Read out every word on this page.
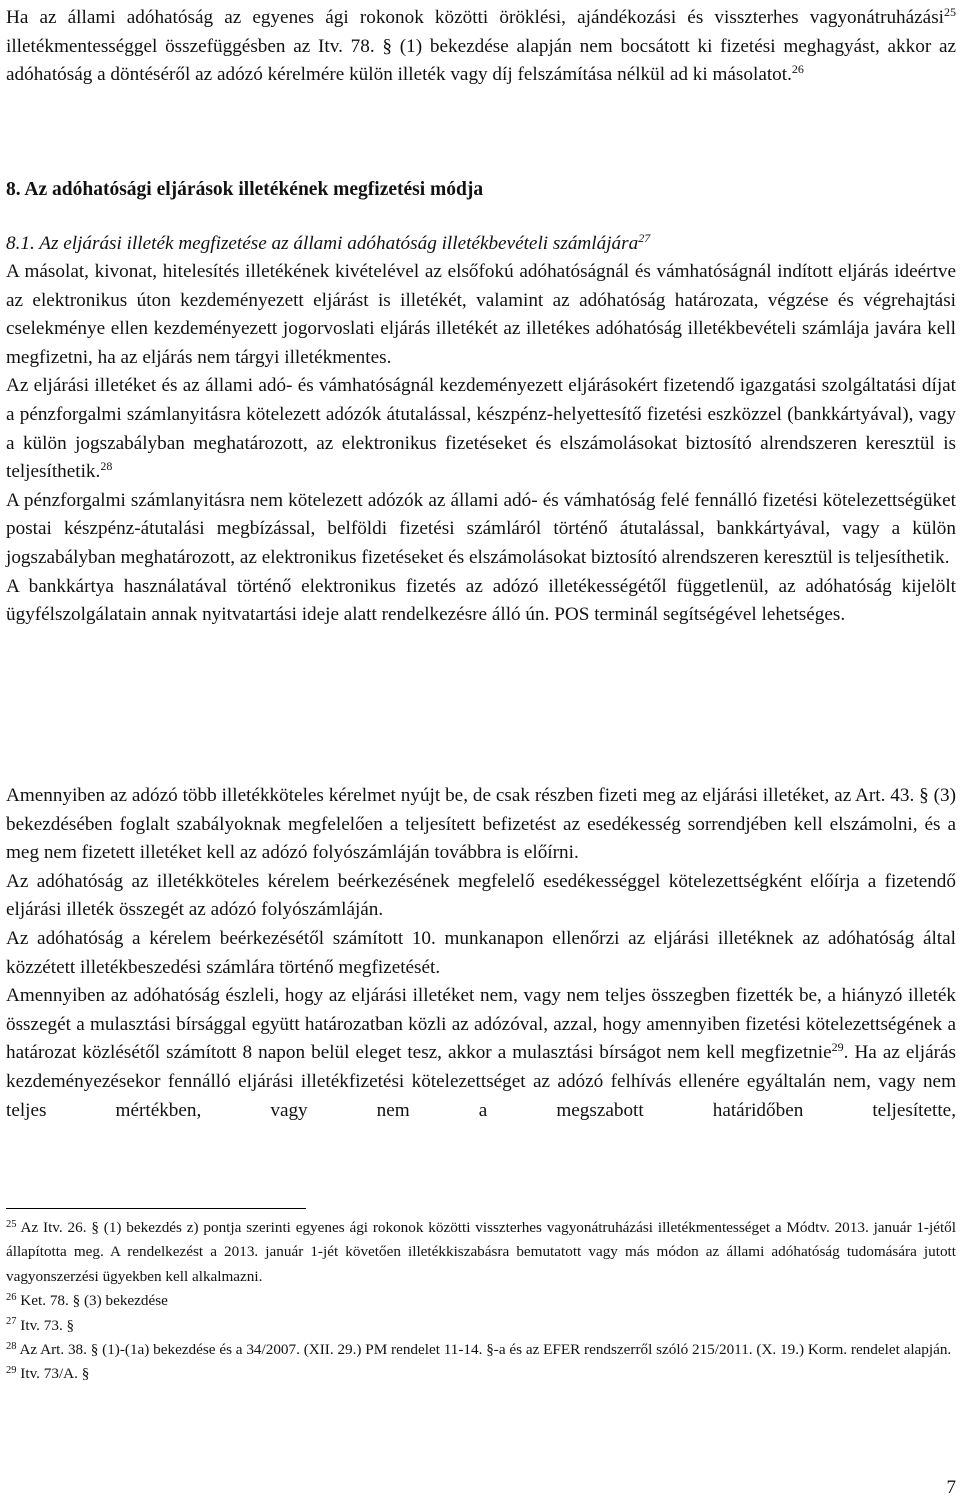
Ha az állami adóhatóság az egyenes ági rokonok közötti öröklési, ajándékozási és visszterhes vagyonátruházási$^{25}$ illetékmentességgel összefüggésben az Itv. 78. § (1) bekezdése alapján nem bocsátott ki fizetési meghagyást, akkor az adóhatóság a döntéséről az adózó kérelmére külön illeték vagy díj felszámítása nélkül ad ki másolatot.$^{26}$

8. Az adóhatósági eljárások illetékének megfizetési módja
8.1. Az eljárási illeték megfizetése az állami adóhatóság illetékbevételi számlájára$^{27}$

A másolat, kivonat, hitelesítés illetékének kivételével az elsőfokú adóhatóságnál és vámhatóságnál indított eljárás ideértve az elektronikus úton kezdeményezett eljárást is illetékét, valamint az adóhatóság határozata, végzése és végrehajtási cselekménye ellen kezdeményezett jogorvoslati eljárás illetékét az illetékes adóhatóság illetékbevételi számlája javára kell megfizetni, ha az eljárás nem tárgyi illetékmentes.

Az eljárási illetéket és az állami adó- és vámhatóságnál kezdeményezett eljárásokért fizetendő igazgatási szolgáltatási díjat a pénzforgalmi számlanyitásra kötelezett adózók átutalással, készpénz-helyettesítő fizetési eszközzel (bankkártyával), vagy a külön jogszabályban meghatározott, az elektronikus fizetéseket és elszámolásokat biztosító alrendszeren keresztül is teljesíthetik.$^{28}$

A pénzforgalmi számlanyitásra nem kötelezett adózók az állami adó- és vámhatóság felé fennálló fizetési kötelezettségüket postai készpénz-átutalási megbízással, belföldi fizetési számláról történő átutalással, bankkártyával, vagy a külön jogszabályban meghatározott, az elektronikus fizetéseket és elszámolásokat biztosító alrendszeren keresztül is teljesíthetik.

A bankkártya használatával történő elektronikus fizetés az adózó illetékességétől függetlenül, az adóhatóság kijelölt ügyfélszolgálatain annak nyitvatartási ideje alatt rendelkezésre álló ún. POS terminál segítségével lehetséges.

Amennyiben az adózó több illetékköteles kérelmet nyújt be, de csak részben fizeti meg az eljárási illetéket, az Art. 43. § (3) bekezdésében foglalt szabályoknak megfelelően a teljesített befizetést az esedékesség sorrendjében kell elszámolni, és a meg nem fizetett illetéket kell az adózó folyószámláján továbbra is előírni.

Az adóhatóság az illetékköteles kérelem beérkezésének megfelelő esedékességgel kötelezettségként előírja a fizetendő eljárási illeték összegét az adózó folyószámláján.

Az adóhatóság a kérelem beérkezésétől számított 10. munkanapon ellenőrzi az eljárási illetéknek az adóhatóság által közzétett illetékbeszedési számlára történő megfizetését.

Amennyiben az adóhatóság észleli, hogy az eljárási illetéket nem, vagy nem teljes összegben fizették be, a hiányzó illeték összegét a mulasztási bírsággal együtt határozatban közli az adózóval, azzal, hogy amennyiben fizetési kötelezettségének a határozat közlésétől számított 8 napon belül eleget tesz, akkor a mulasztási bírságot nem kell megfizetnie$^{29}$. Ha az eljárás kezdeményezésekor fennálló eljárási illetékfizetési kötelezettséget az adózó felhívás ellenére egyáltalán nem, vagy nem teljes mértékben, vagy nem a megszabott határidőben teljesítette,

$^{25}$ Az Itv. 26. § (1) bekezdés z) pontja szerinti egyenes ági rokonok közötti visszterhes vagyonátruházási illetékmentességet a Módtv. 2013. január 1-jétől állapította meg. A rendelkezést a 2013. január 1-jét követően illetékkiszabásra bemutatott vagy más módon az állami adóhatóság tudomására jutott vagyonszerzési ügyekben kell alkalmazni.

$^{26}$ Ket. 78. § (3) bekezdése

$^{27}$ Itv. 73. §

$^{28}$ Az Art. 38. § (1)-(1a) bekezdése és a 34/2007. (XII. 29.) PM rendelet 11-14. §-a és az EFER rendszerről szóló 215/2011. (X. 19.) Korm. rendelet alapján.

$^{29}$ Itv. 73/A. §

7
